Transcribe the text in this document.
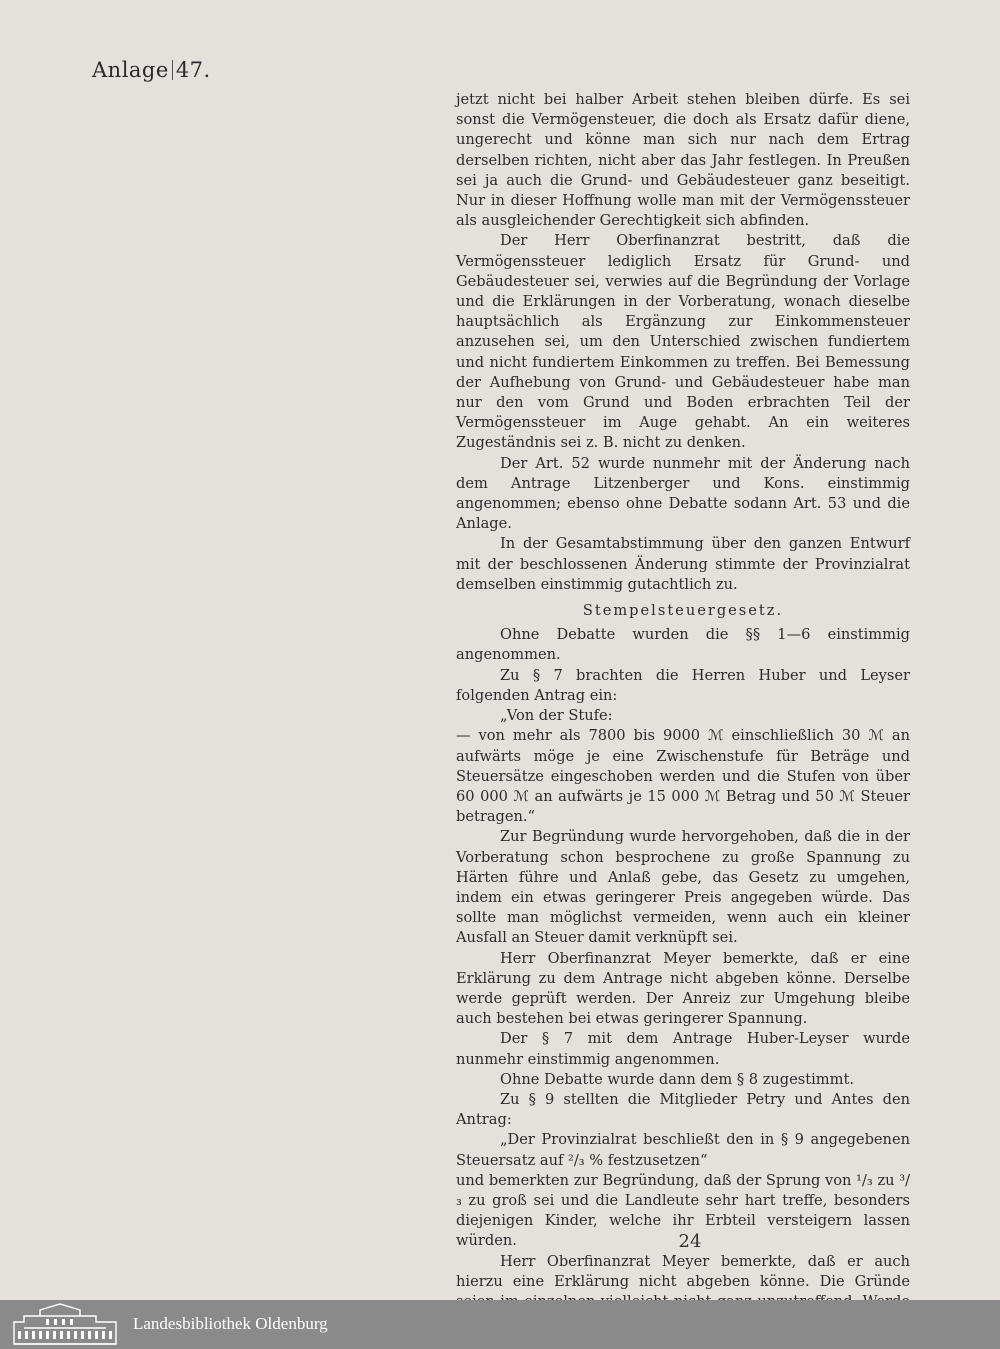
Anlage 47.

jetzt nicht bei halber Arbeit stehen bleiben dürfe. Es sei sonst die Vermögensteuer, die doch als Ersatz dafür diene, ungerecht und könne man sich nur nach dem Ertrag derselben richten, nicht aber das Jahr festlegen. In Preußen sei ja auch die Grund- und Gebäudesteuer ganz beseitigt. Nur in dieser Hoffnung wolle man mit der Vermögenssteuer als ausgleichender Gerechtigkeit sich abfinden.

Der Herr Oberfinanzrat bestritt, daß die Vermögenssteuer lediglich Ersatz für Grund- und Gebäudesteuer sei, verwies auf die Begründung der Vorlage und die Erklärungen in der Vorberatung, wonach dieselbe hauptsächlich als Ergänzung zur Einkommensteuer anzusehen sei, um den Unterschied zwischen fundiertem und nicht fundiertem Einkommen zu treffen. Bei Bemessung der Aufhebung von Grund- und Gebäudesteuer habe man nur den vom Grund und Boden erbrachten Teil der Vermögenssteuer im Auge gehabt. An ein weiteres Zugeständnis sei z. B. nicht zu denken.

Der Art. 52 wurde nunmehr mit der Änderung nach dem Antrage Litzenberger und Kons. einstimmig angenommen; ebenso ohne Debatte sodann Art. 53 und die Anlage.

In der Gesamtabstimmung über den ganzen Entwurf mit der beschlossenen Änderung stimmte der Provinzialrat demselben einstimmig gutachtlich zu.

Stempelsteuergesetz.

Ohne Debatte wurden die §§ 1—6 einstimmig angenommen.

Zu § 7 brachten die Herren Huber und Leyser folgenden Antrag ein:

„Von der Stufe:

— von mehr als 7800 bis 9000 ℳ einschließlich 30 ℳ an aufwärts möge je eine Zwischenstufe für Beträge und Steuersätze eingeschoben werden und die Stufen von über 60 000 ℳ an aufwärts je 15 000 ℳ Betrag und 50 ℳ Steuer betragen.“

Zur Begründung wurde hervorgehoben, daß die in der Vorberatung schon besprochene zu große Spannung zu Härten führe und Anlaß gebe, das Gesetz zu umgehen, indem ein etwas geringerer Preis angegeben würde. Das sollte man möglichst vermeiden, wenn auch ein kleiner Ausfall an Steuer damit verknüpft sei.

Herr Oberfinanzrat Meyer bemerkte, daß er eine Erklärung zu dem Antrage nicht abgeben könne. Derselbe werde geprüft werden. Der Anreiz zur Umgehung bleibe auch bestehen bei etwas geringerer Spannung.

Der § 7 mit dem Antrage Huber-Leyser wurde nunmehr einstimmig angenommen.

Ohne Debatte wurde dann dem § 8 zugestimmt.

Zu § 9 stellten die Mitglieder Petry und Antes den Antrag:

„Der Provinzialrat beschließt den in § 9 angegebenen Steuersatz auf ²/₃ % festzusetzen“

und bemerkten zur Begründung, daß der Sprung von ¹/₃ zu ³/₃ zu groß sei und die Landleute sehr hart treffe, besonders diejenigen Kinder, welche ihr Erbteil versteigern lassen würden.

Herr Oberfinanzrat Meyer bemerkte, daß er auch hierzu eine Erklärung nicht abgeben könne. Die Gründe

24
Landesbibliothek Oldenburg
